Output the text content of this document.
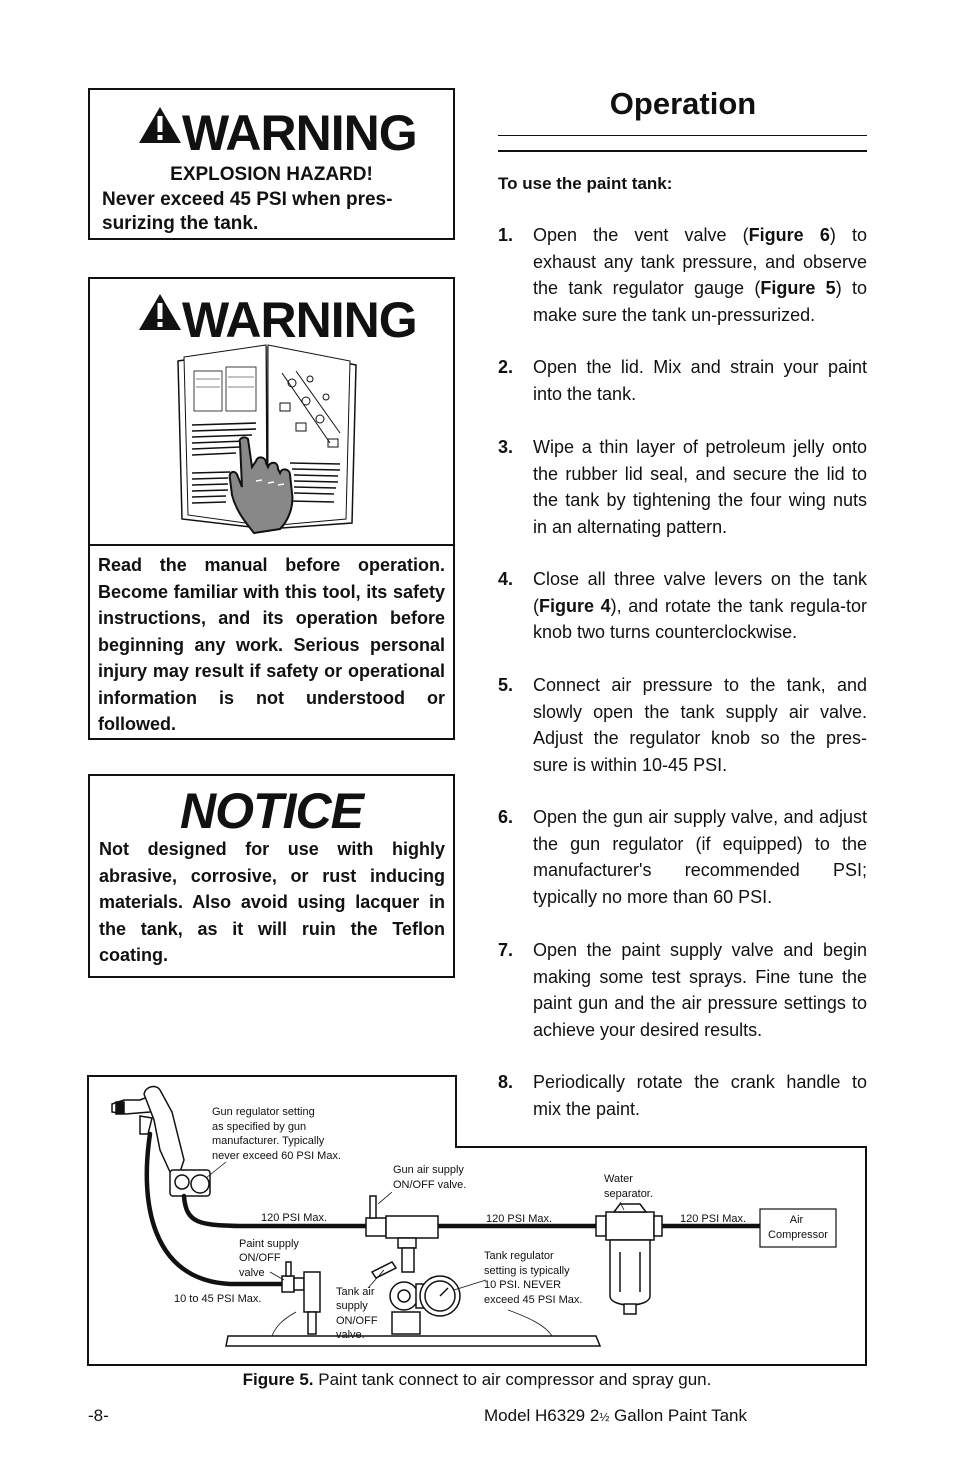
WARNING
EXPLOSION HAZARD!
Never exceed 45 PSI when pres-surizing the tank.
WARNING
Read the manual before operation. Become familiar with this tool, its safety instructions, and its operation before beginning any work. Serious personal injury may result if safety or operational information is not understood or followed.
NOTICE
Not designed for use with highly abrasive, corrosive, or rust inducing materials. Also avoid using lacquer in the tank, as it will ruin the Teflon coating.
Operation
To use the paint tank:
1. Open the vent valve (Figure 6) to exhaust any tank pressure, and observe the tank regulator gauge (Figure 5) to make sure the tank un-pressurized.
2. Open the lid. Mix and strain your paint into the tank.
3. Wipe a thin layer of petroleum jelly onto the rubber lid seal, and secure the lid to the tank by tightening the four wing nuts in an alternating pattern.
4. Close all three valve levers on the tank (Figure 4), and rotate the tank regula-tor knob two turns counterclockwise.
5. Connect air pressure to the tank, and slowly open the tank supply air valve. Adjust the regulator knob so the pres-sure is within 10-45 PSI.
6. Open the gun air supply valve, and adjust the gun regulator (if equipped) to the manufacturer's recommended PSI; typically no more than 60 PSI.
7. Open the paint supply valve and begin making some test sprays. Fine tune the paint gun and the air pressure settings to achieve your desired results.
8. Periodically rotate the crank handle to mix the paint.
Gun regulator setting as specified by gun manufacturer. Typically never exceed 60 PSI Max.
Gun air supply ON/OFF valve.	Water separator.
120 PSI Max.	120 PSI Max.	120 PSI Max.	Air Compressor
Paint supply ON/OFF valve
10 to 45 PSI Max.
Tank air supply ON/OFF valve.
Tank regulator setting is typically 10 PSI. NEVER exceed 45 PSI Max.
Figure 5. Paint tank connect to air compressor and spray gun.
-8-	Model H6329 2½ Gallon Paint Tank
